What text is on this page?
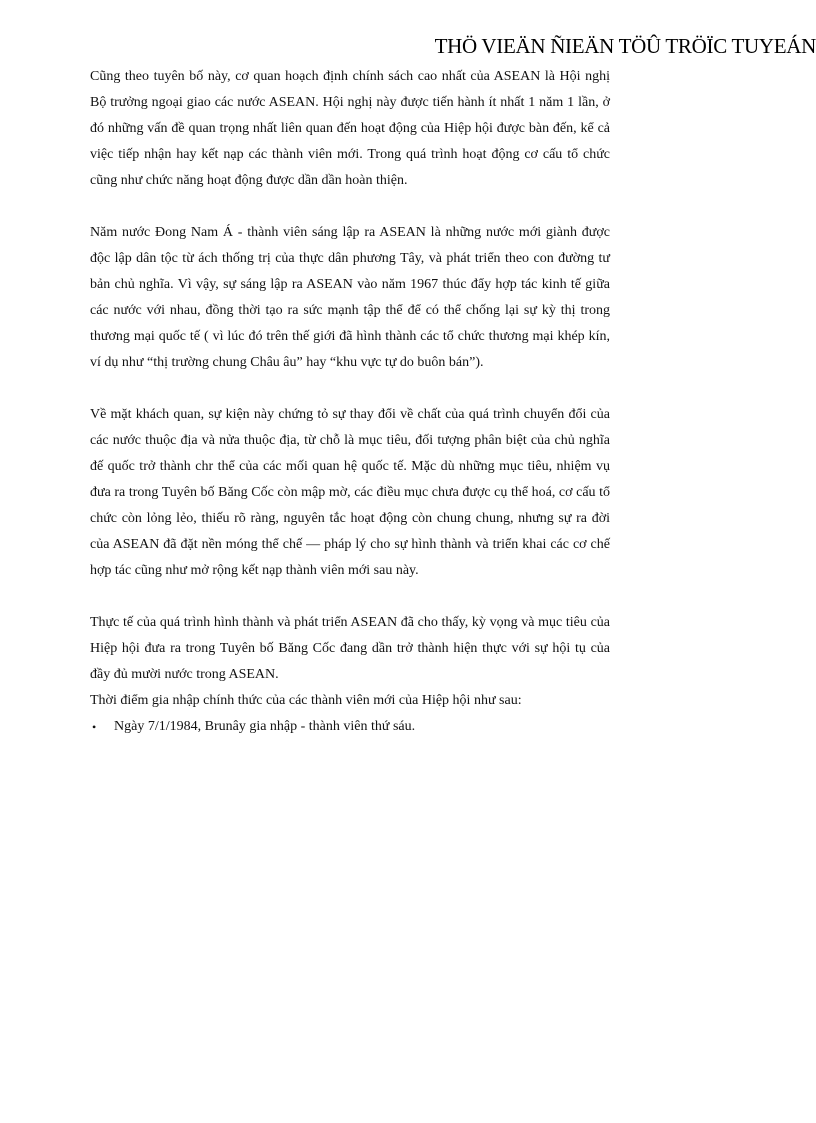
THÖ VIEÄN ÑIEÄN TÖÛ TRÖÏC TUYEÁN

Cũng theo tuyên bố này, cơ quan hoạch định chính sách cao nhất của ASEAN là Hội nghị Bộ trưởng ngoại giao các nước ASEAN. Hội nghị này được tiến hành ít nhất 1 năm 1 lần, ở đó những vấn đề quan trọng nhất liên quan đến hoạt động của Hiệp hội được bàn đến, kể cả việc tiếp nhận hay kết nạp các thành viên mới. Trong quá trình hoạt động cơ cấu tổ chức cũng như chức năng hoạt động được dần dần hoàn thiện.

Năm nước Đong Nam Á - thành viên sáng lập ra ASEAN là những nước mới giành được độc lập dân tộc từ ách thống trị của thực dân phương Tây, và phát triển theo con đường tư bản chủ nghĩa. Vì vậy, sự sáng lập ra ASEAN vào năm 1967 thúc đẩy hợp tác kinh tế giữa các nước với nhau, đồng thời tạo ra sức mạnh tập thể để có thể chống lại sự kỳ thị trong thương mại quốc tế ( vì lúc đó trên thế giới đã hình thành các tổ chức thương mại khép kín, ví dụ như “thị trường chung Châu âu” hay “khu vực tự do buôn bán”).

Về mặt khách quan, sự kiện này chứng tỏ sự thay đổi về chất của quá trình chuyển đổi của các nước thuộc địa và nửa thuộc địa, từ chỗ là mục tiêu, đối tượng phân biệt của chủ nghĩa đế quốc trở thành chr thể của các mối quan hệ quốc tế. Mặc dù những mục tiêu, nhiệm vụ đưa ra trong Tuyên bố Băng Cốc còn mập mờ, các điều mục chưa được cụ thể hoá, cơ cấu tổ chức còn lỏng lẻo, thiếu rõ ràng, nguyên tắc hoạt động còn chung chung, nhưng sự ra đời của ASEAN đã đặt nền móng thể chế — pháp lý cho sự hình thành và triển khai các cơ chế hợp tác cũng như mở rộng kết nạp thành viên mới sau này.

Thực tế của quá trình hình thành và phát triển ASEAN đã cho thấy, kỳ vọng và mục tiêu của Hiệp hội đưa ra trong Tuyên bố Băng Cốc đang dần trở thành hiện thực với sự hội tụ của đầy đủ mười nước trong ASEAN.

Thời điểm gia nhập chính thức của các thành viên mới của Hiệp hội như sau:

• Ngày 7/1/1984, Brunây gia nhập - thành viên thứ sáu.
